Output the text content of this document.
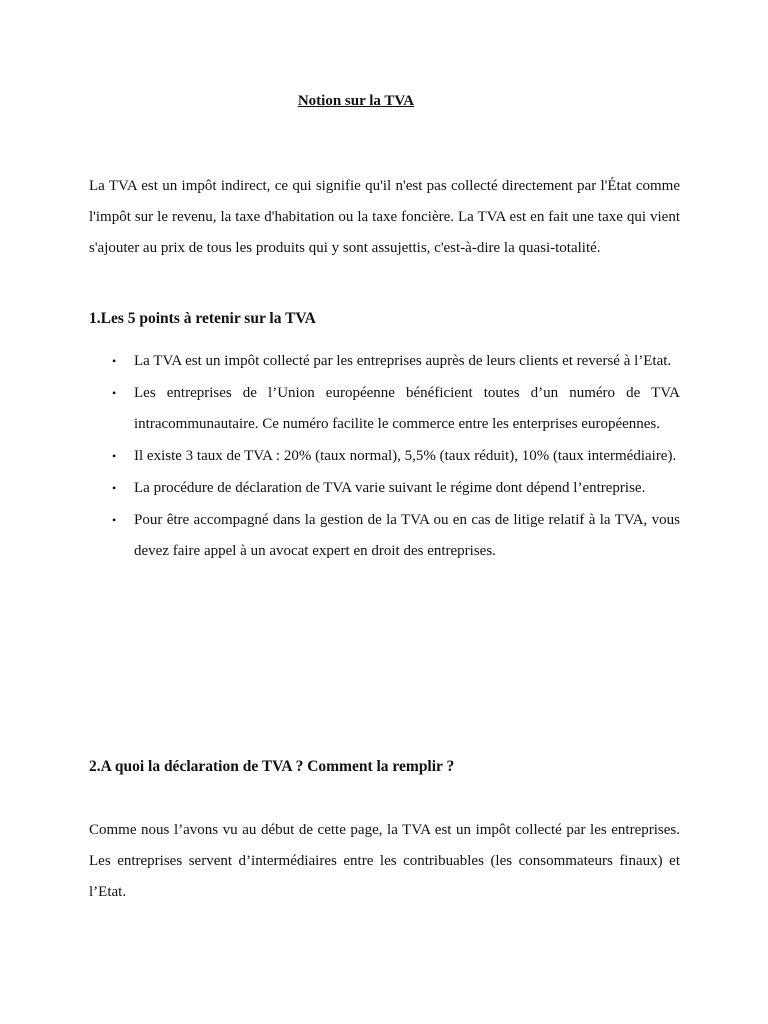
Notion sur la TVA

La TVA est un impôt indirect, ce qui signifie qu'il n'est pas collecté directement par l'État comme l'impôt sur le revenu, la taxe d'habitation ou la taxe foncière. La TVA est en fait une taxe qui vient s'ajouter au prix de tous les produits qui y sont assujettis, c'est-à-dire la quasi-totalité.

1.Les 5 points à retenir sur la TVA
• La TVA est un impôt collecté par les entreprises auprès de leurs clients et reversé à l’Etat.
• Les entreprises de l’Union européenne bénéficient toutes d’un numéro de TVA intracommunautaire. Ce numéro facilite le commerce entre les enterprises européennes.
• Il existe 3 taux de TVA : 20% (taux normal), 5,5% (taux réduit), 10% (taux intermédiaire).
• La procédure de déclaration de TVA varie suivant le régime dont dépend l’entreprise.
• Pour être accompagné dans la gestion de la TVA ou en cas de litige relatif à la TVA, vous devez faire appel à un avocat expert en droit des entreprises.
2.A quoi la déclaration de TVA ? Comment la remplir ?

Comme nous l’avons vu au début de cette page, la TVA est un impôt collecté par les entreprises. Les entreprises servent d’intermédiaires entre les contribuables (les consommateurs finaux) et l’Etat.
